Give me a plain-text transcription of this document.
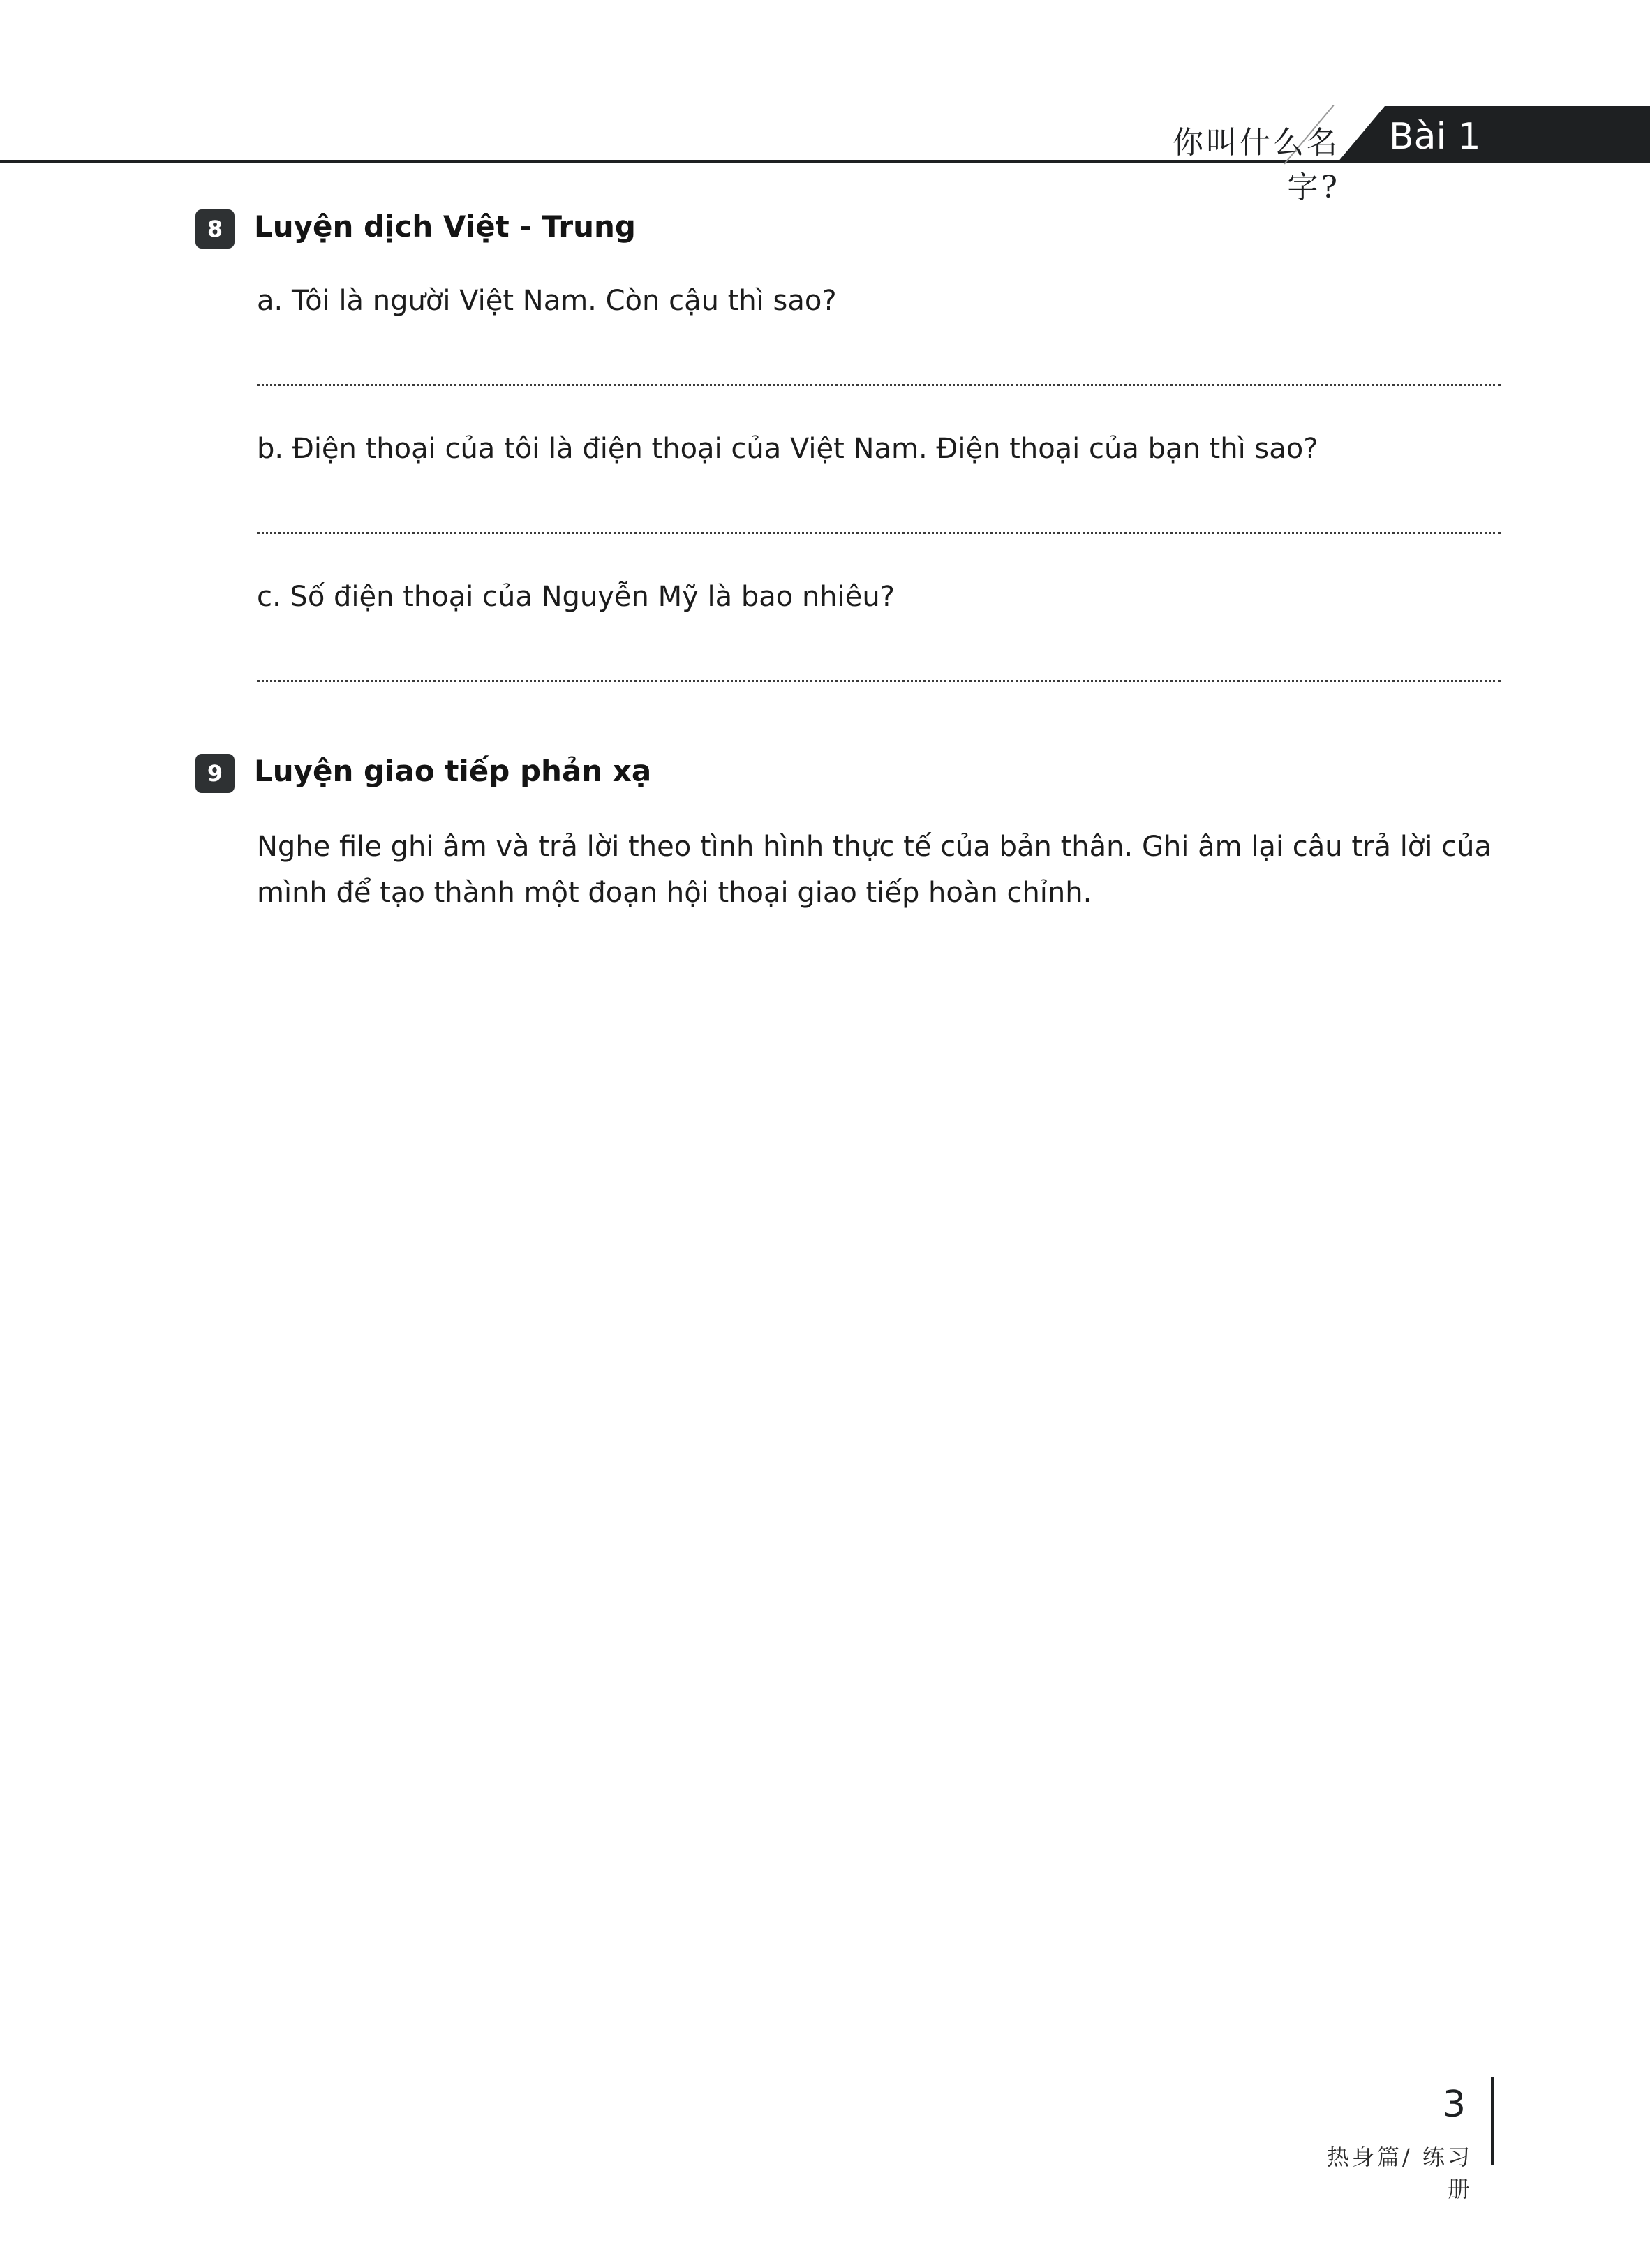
你叫什么名字?
Bài 1
8	Luyện dịch Việt - Trung
a. Tôi là người Việt Nam. Còn cậu thì sao?
b. Điện thoại của tôi là điện thoại của Việt Nam. Điện thoại của bạn thì sao?
c. Số điện thoại của Nguyễn Mỹ là bao nhiêu?
9	Luyện giao tiếp phản xạ
Nghe file ghi âm và trả lời theo tình hình thực tế của bản thân. Ghi âm lại câu trả lời của mình để tạo thành một đoạn hội thoại giao tiếp hoàn chỉnh.
3
热身篇/ 练习册
